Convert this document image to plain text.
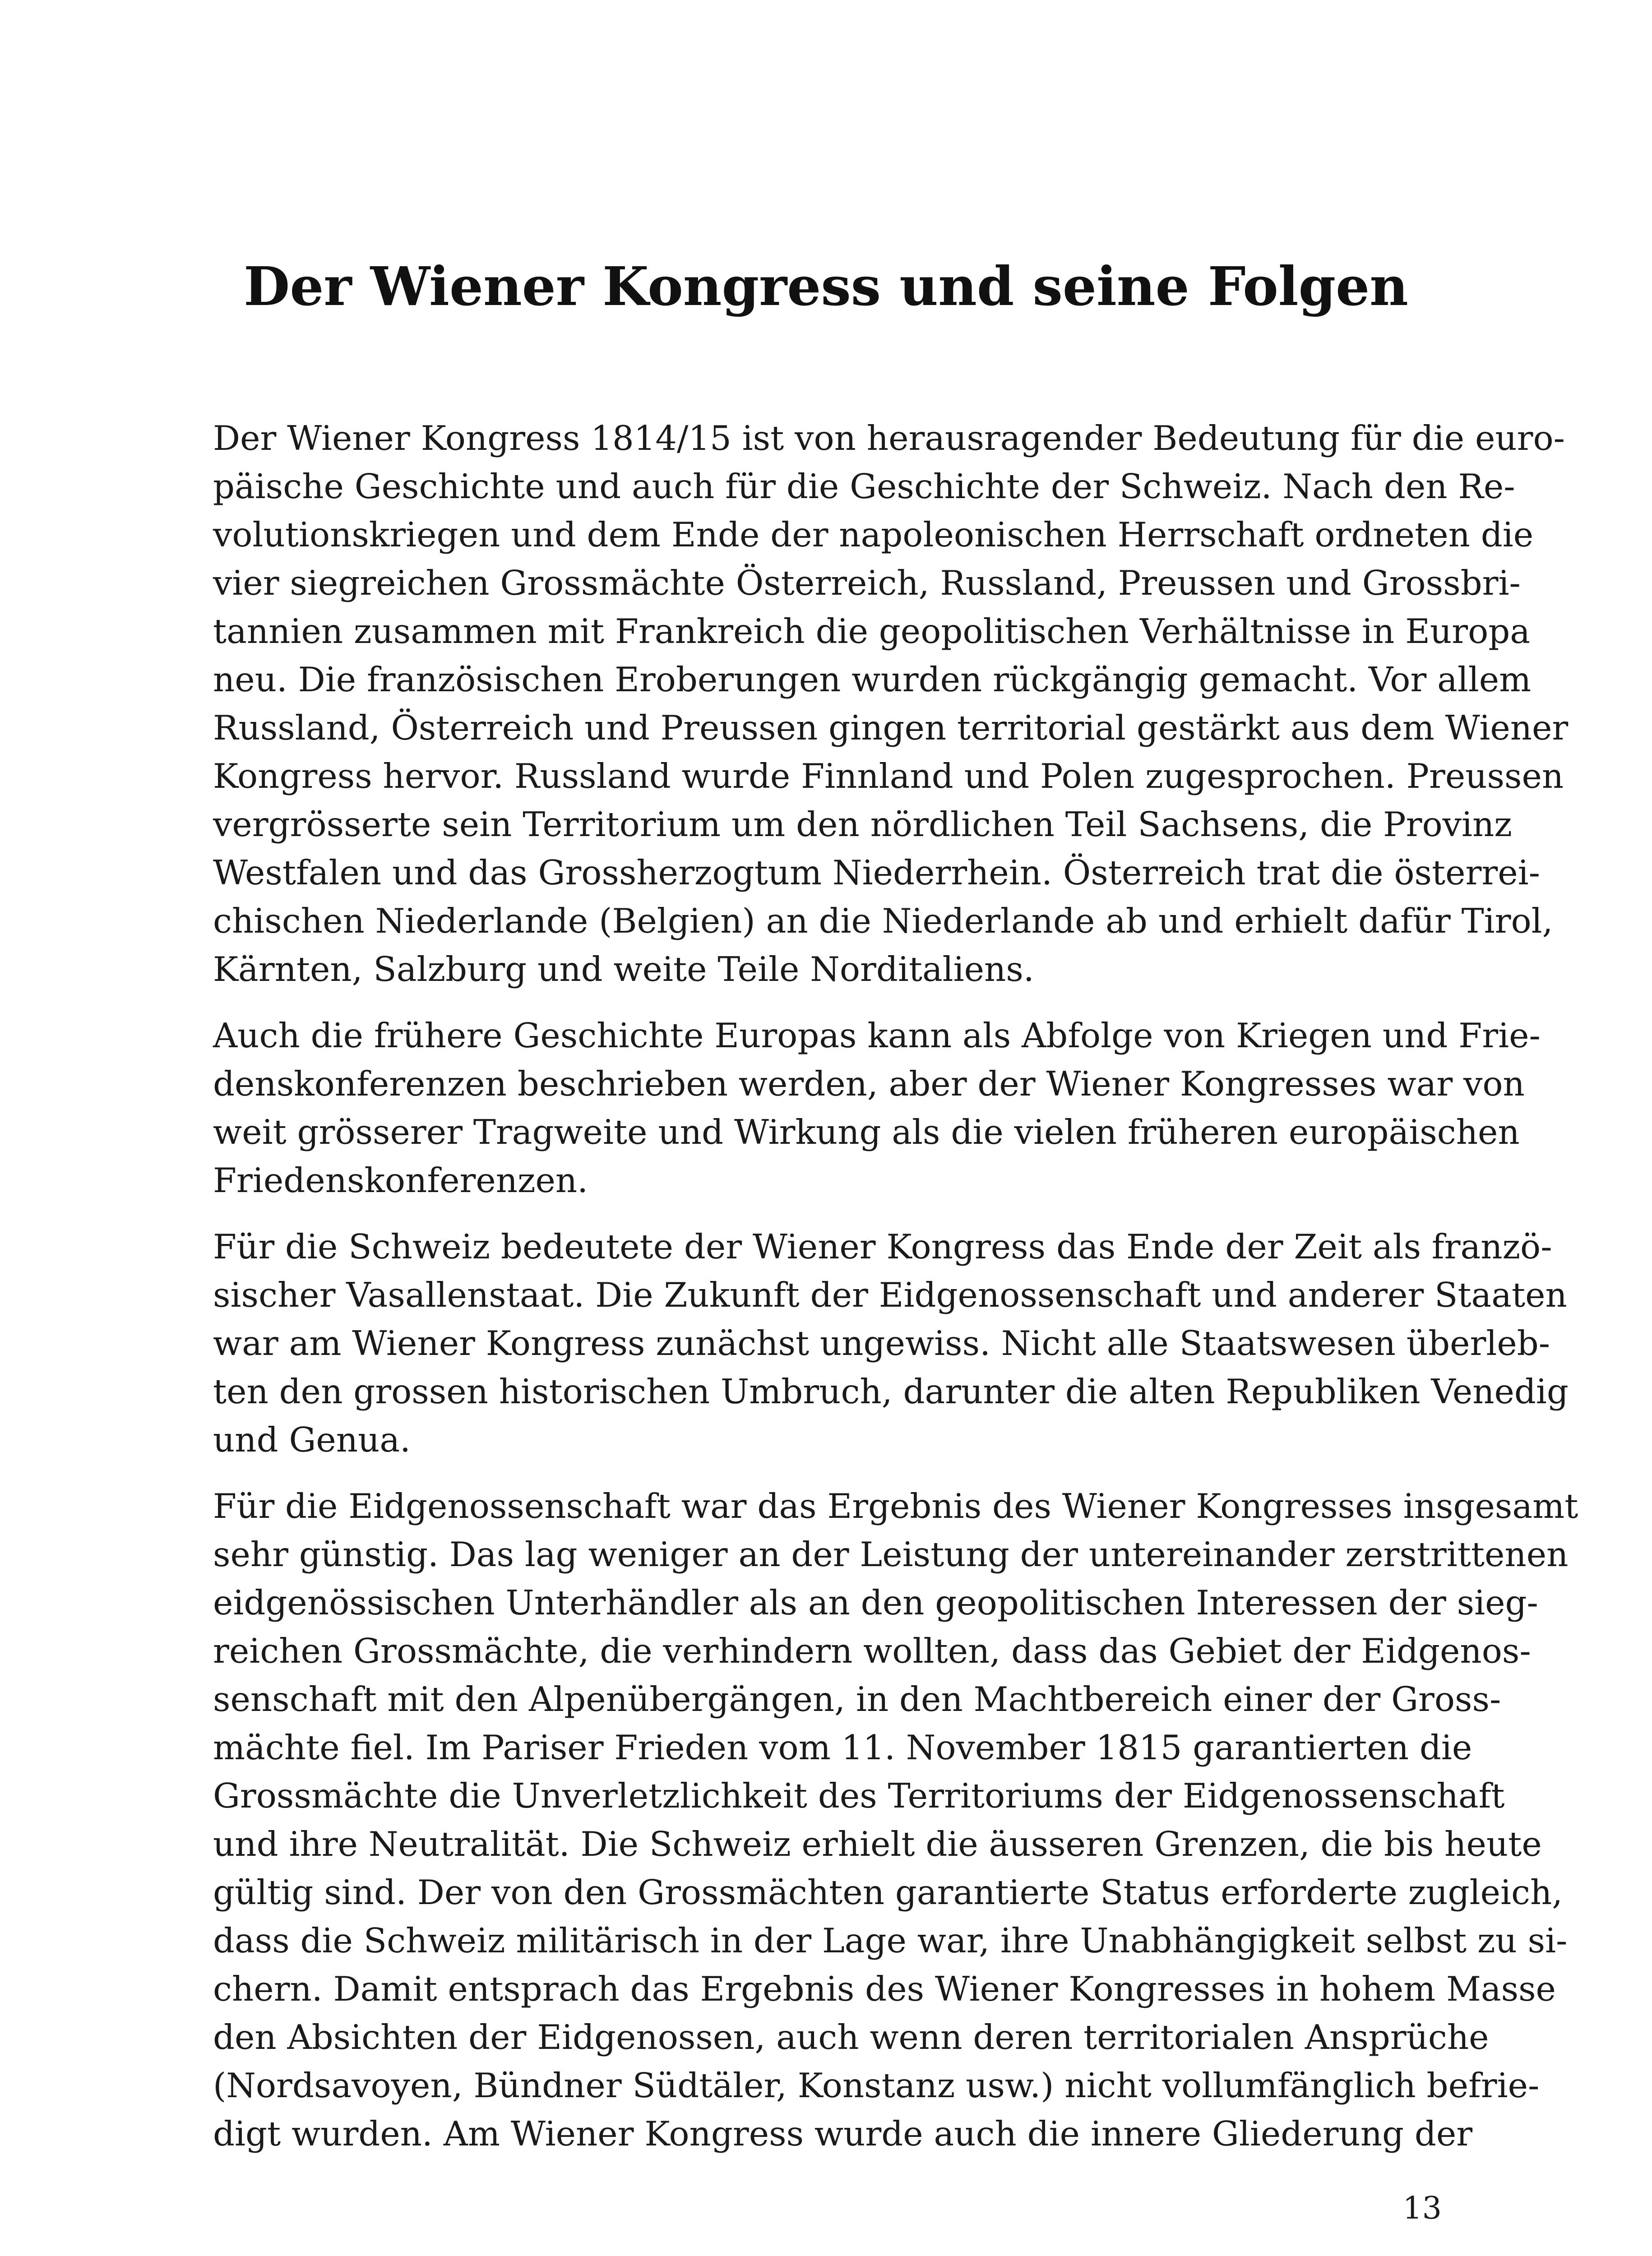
Der Wiener Kongress und seine Folgen

Der Wiener Kongress 1814/15 ist von herausragender Bedeutung für die euro-
päische Geschichte und auch für die Geschichte der Schweiz. Nach den Re-
volutionskriegen und dem Ende der napoleonischen Herrschaft ordneten die
vier siegreichen Grossmächte Österreich, Russland, Preussen und Grossbri-
tannien zusammen mit Frankreich die geopolitischen Verhältnisse in Europa
neu. Die französischen Eroberungen wurden rückgängig gemacht. Vor allem
Russland, Österreich und Preussen gingen territorial gestärkt aus dem Wiener
Kongress hervor. Russland wurde Finnland und Polen zugesprochen. Preussen
vergrösserte sein Territorium um den nördlichen Teil Sachsens, die Provinz
Westfalen und das Grossherzogtum Niederrhein. Österreich trat die österrei-
chischen Niederlande (Belgien) an die Niederlande ab und erhielt dafür Tirol,
Kärnten, Salzburg und weite Teile Norditaliens.

Auch die frühere Geschichte Europas kann als Abfolge von Kriegen und Frie-
denskonferenzen beschrieben werden, aber der Wiener Kongresses war von
weit grösserer Tragweite und Wirkung als die vielen früheren europäischen
Friedenskonferenzen.

Für die Schweiz bedeutete der Wiener Kongress das Ende der Zeit als franzö-
sischer Vasallenstaat. Die Zukunft der Eidgenossenschaft und anderer Staaten
war am Wiener Kongress zunächst ungewiss. Nicht alle Staatswesen überleb-
ten den grossen historischen Umbruch, darunter die alten Republiken Venedig
und Genua.

Für die Eidgenossenschaft war das Ergebnis des Wiener Kongresses insgesamt
sehr günstig. Das lag weniger an der Leistung der untereinander zerstrittenen
eidgenössischen Unterhändler als an den geopolitischen Interessen der sieg-
reichen Grossmächte, die verhindern wollten, dass das Gebiet der Eidgenos-
senschaft mit den Alpenübergängen, in den Machtbereich einer der Gross-
mächte fiel. Im Pariser Frieden vom 11. November 1815 garantierten die
Grossmächte die Unverletzlichkeit des Territoriums der Eidgenossenschaft
und ihre Neutralität. Die Schweiz erhielt die äusseren Grenzen, die bis heute
gültig sind. Der von den Grossmächten garantierte Status erforderte zugleich,
dass die Schweiz militärisch in der Lage war, ihre Unabhängigkeit selbst zu si-
chern. Damit entsprach das Ergebnis des Wiener Kongresses in hohem Masse
den Absichten der Eidgenossen, auch wenn deren territorialen Ansprüche
(Nordsavoyen, Bündner Südtäler, Konstanz usw.) nicht vollumfänglich befrie-
digt wurden. Am Wiener Kongress wurde auch die innere Gliederung der

13
